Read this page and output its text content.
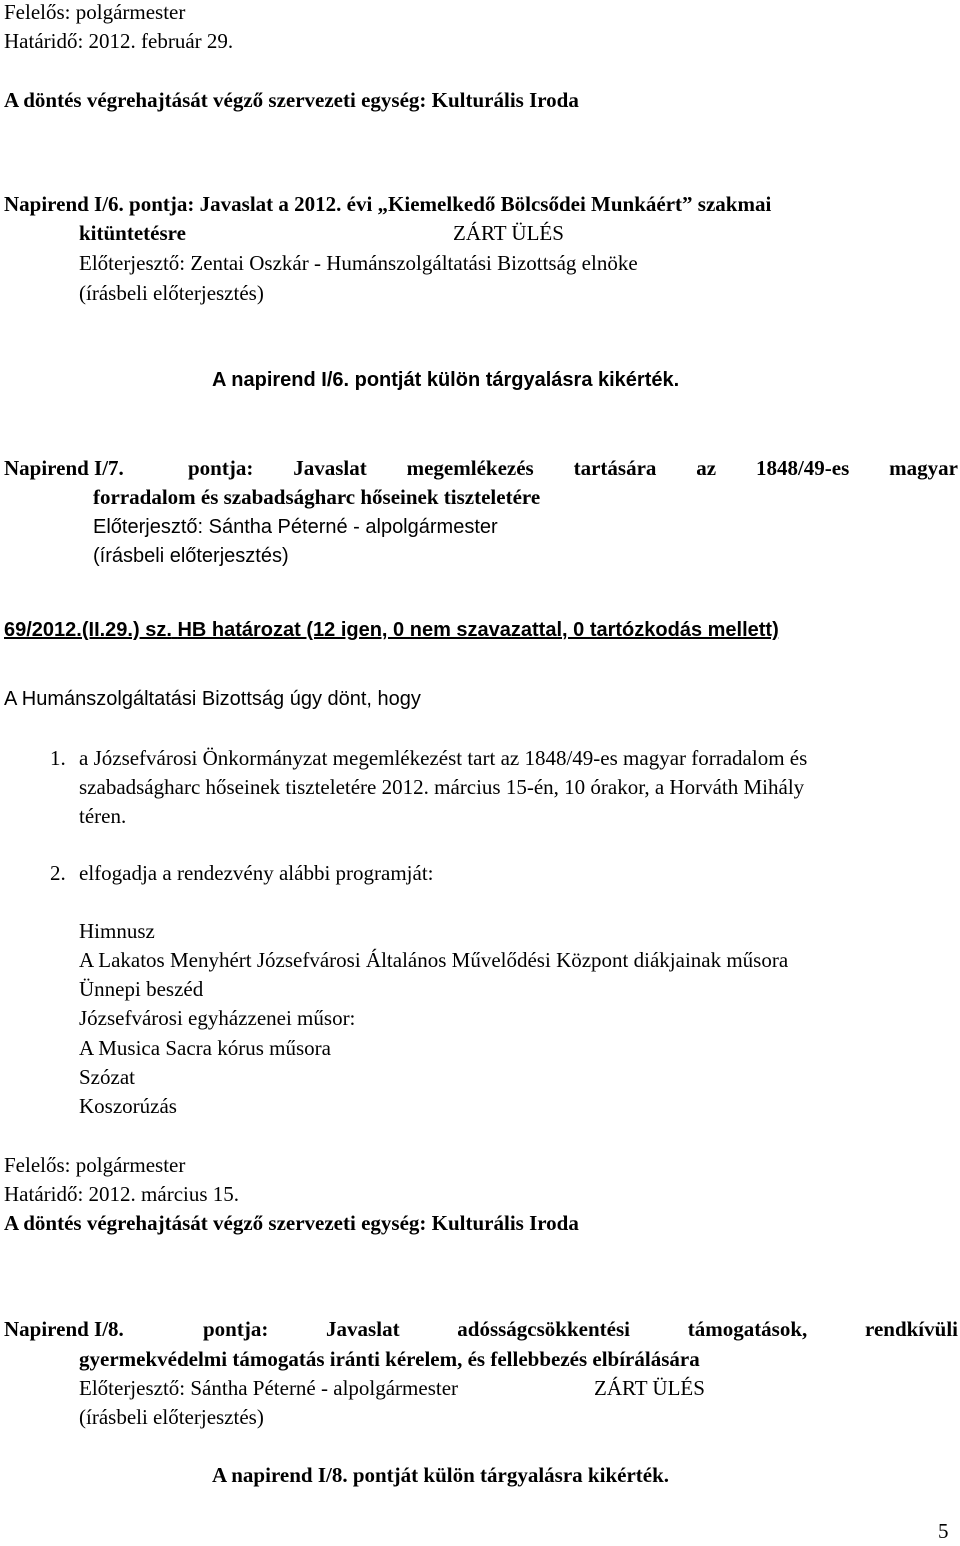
Felelős: polgármester
Határidő: 2012. február 29.
A döntés végrehajtását végző szervezeti egység: Kulturális Iroda
Napirend I/6. pontja: Javaslat a 2012. évi „Kiemelkedő Bölcsődei Munkáért” szakmai
kitüntetésre	ZÁRT ÜLÉS
Előterjesztő: Zentai Oszkár - Humánszolgáltatási Bizottság elnöke
(írásbeli előterjesztés)
A napirend I/6. pontját külön tárgyalásra kikérték.
Napirend I/7.	pontja: Javaslat megemlékezés tartására az 1848/49-es magyar
forradalom és szabadságharc hőseinek tiszteletére
Előterjesztő: Sántha Péterné - alpolgármester
(írásbeli előterjesztés)
69/2012.(II.29.) sz. HB határozat (12 igen, 0 nem szavazattal, 0 tartózkodás mellett)
A Humánszolgáltatási Bizottság úgy dönt, hogy
1. a Józsefvárosi Önkormányzat megemlékezést tart az 1848/49-es magyar forradalom és
szabadságharc hőseinek tiszteletére 2012. március 15-én, 10 órakor, a Horváth Mihály
téren.
2. elfogadja a rendezvény alábbi programját:
Himnusz
A Lakatos Menyhért Józsefvárosi Általános Művelődési Központ diákjainak műsora
Ünnepi beszéd
Józsefvárosi egyházzenei műsor:
A Musica Sacra kórus műsora
Szózat
Koszorúzás
Felelős: polgármester
Határidő: 2012. március 15.
A döntés végrehajtását végző szervezeti egység: Kulturális Iroda
Napirend I/8.	pontja: Javaslat adósságcsökkentési támogatások, rendkívüli
gyermekvédelmi támogatás iránti kérelem, és fellebbezés elbírálására
Előterjesztő: Sántha Péterné - alpolgármester	ZÁRT ÜLÉS
(írásbeli előterjesztés)
A napirend I/8. pontját külön tárgyalásra kikérték.
5
